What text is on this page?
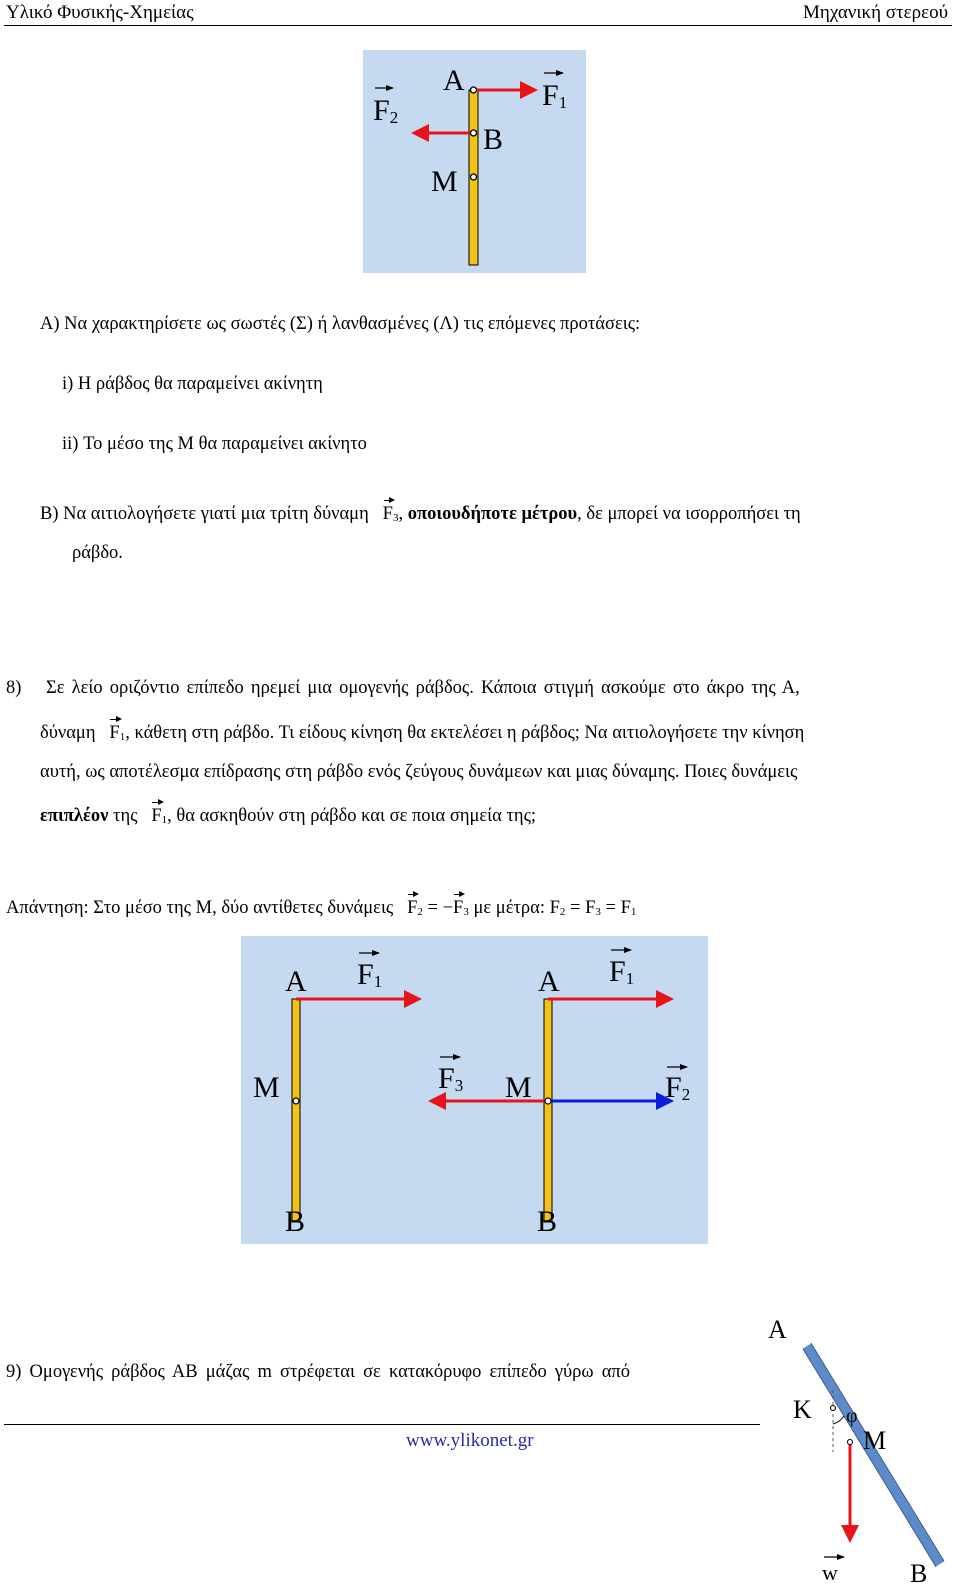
Υλικό Φυσικής-Χημείας	Μηχανική στερεού
F2
A	F1
B
M
Α) Να χαρακτηρίσετε ως σωστές (Σ) ή λανθασμένες (Λ) τις επόμενες προτάσεις:
i) Η ράβδος θα παραμείνει ακίνητη
ii) Το μέσο της Μ θα παραμείνει ακίνητο
Β) Να αιτιολογήσετε γιατί μια τρίτη δύναμη $F_3$, οποιουδήποτε μέτρου, δε μπορεί να ισορροπήσει τη
ράβδο.
8) Σε λείο οριζόντιο επίπεδο ηρεμεί μια ομογενής ράβδος. Κάποια στιγμή ασκούμε στο άκρο της Α,
δύναμη $F_1$, κάθετη στη ράβδο. Τι είδους κίνηση θα εκτελέσει η ράβδος; Να αιτιολογήσετε την κίνηση
αυτή, ως αποτέλεσμα επίδρασης στη ράβδο ενός ζεύγους δυνάμεων και μιας δύναμης. Ποιες δυνάμεις
επιπλέον της $F_1$, θα ασκηθούν στη ράβδο και σε ποια σημεία της;
Απάντηση: Στο μέσο της Μ, δύο αντίθετες δυνάμεις $F_2$ = −
$F_3$ με μέτρα: $F_2 = F_3 = F_1$
A F1
M
B
A F1
F3 M	F2
B
9) Ομογενής ράβδος ΑΒ μάζας m στρέφεται σε κατακόρυφο επίπεδο γύρω από
A
K φ
M
w	B
www.ylikonet.gr
